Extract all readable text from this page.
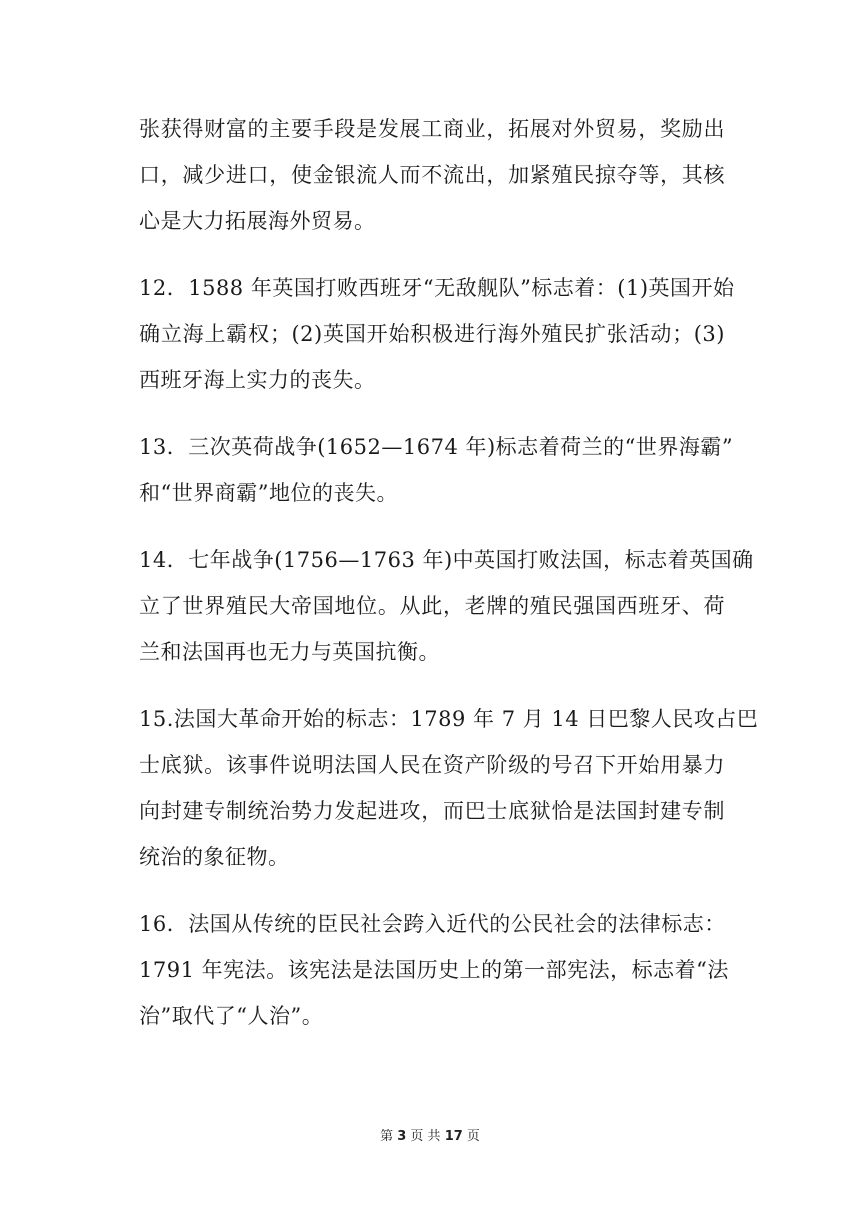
张获得财富的主要手段是发展工商业，拓展对外贸易，奖励出
口，减少进口，使金银流人而不流出，加紧殖民掠夺等，其核
心是大力拓展海外贸易。
12．1588 年英国打败西班牙“无敌舰队”标志着：(1)英国开始
确立海上霸权；(2)英国开始积极进行海外殖民扩张活动；(3)
西班牙海上实力的丧失。
13．三次英荷战争(1652—1674 年)标志着荷兰的“世界海霸”
和“世界商霸”地位的丧失。
14．七年战争(1756—1763 年)中英国打败法国，标志着英国确
立了世界殖民大帝国地位。从此，老牌的殖民强国西班牙、荷
兰和法国再也无力与英国抗衡。
15.法国大革命开始的标志：1789 年 7 月 14 日巴黎人民攻占巴
士底狱。该事件说明法国人民在资产阶级的号召下开始用暴力
向封建专制统治势力发起进攻，而巴士底狱恰是法国封建专制
统治的象征物。
16．法国从传统的臣民社会跨入近代的公民社会的法律标志：
1791 年宪法。该宪法是法国历史上的第一部宪法，标志着“法
治”取代了“人治”。
第 3 页 共 17 页
